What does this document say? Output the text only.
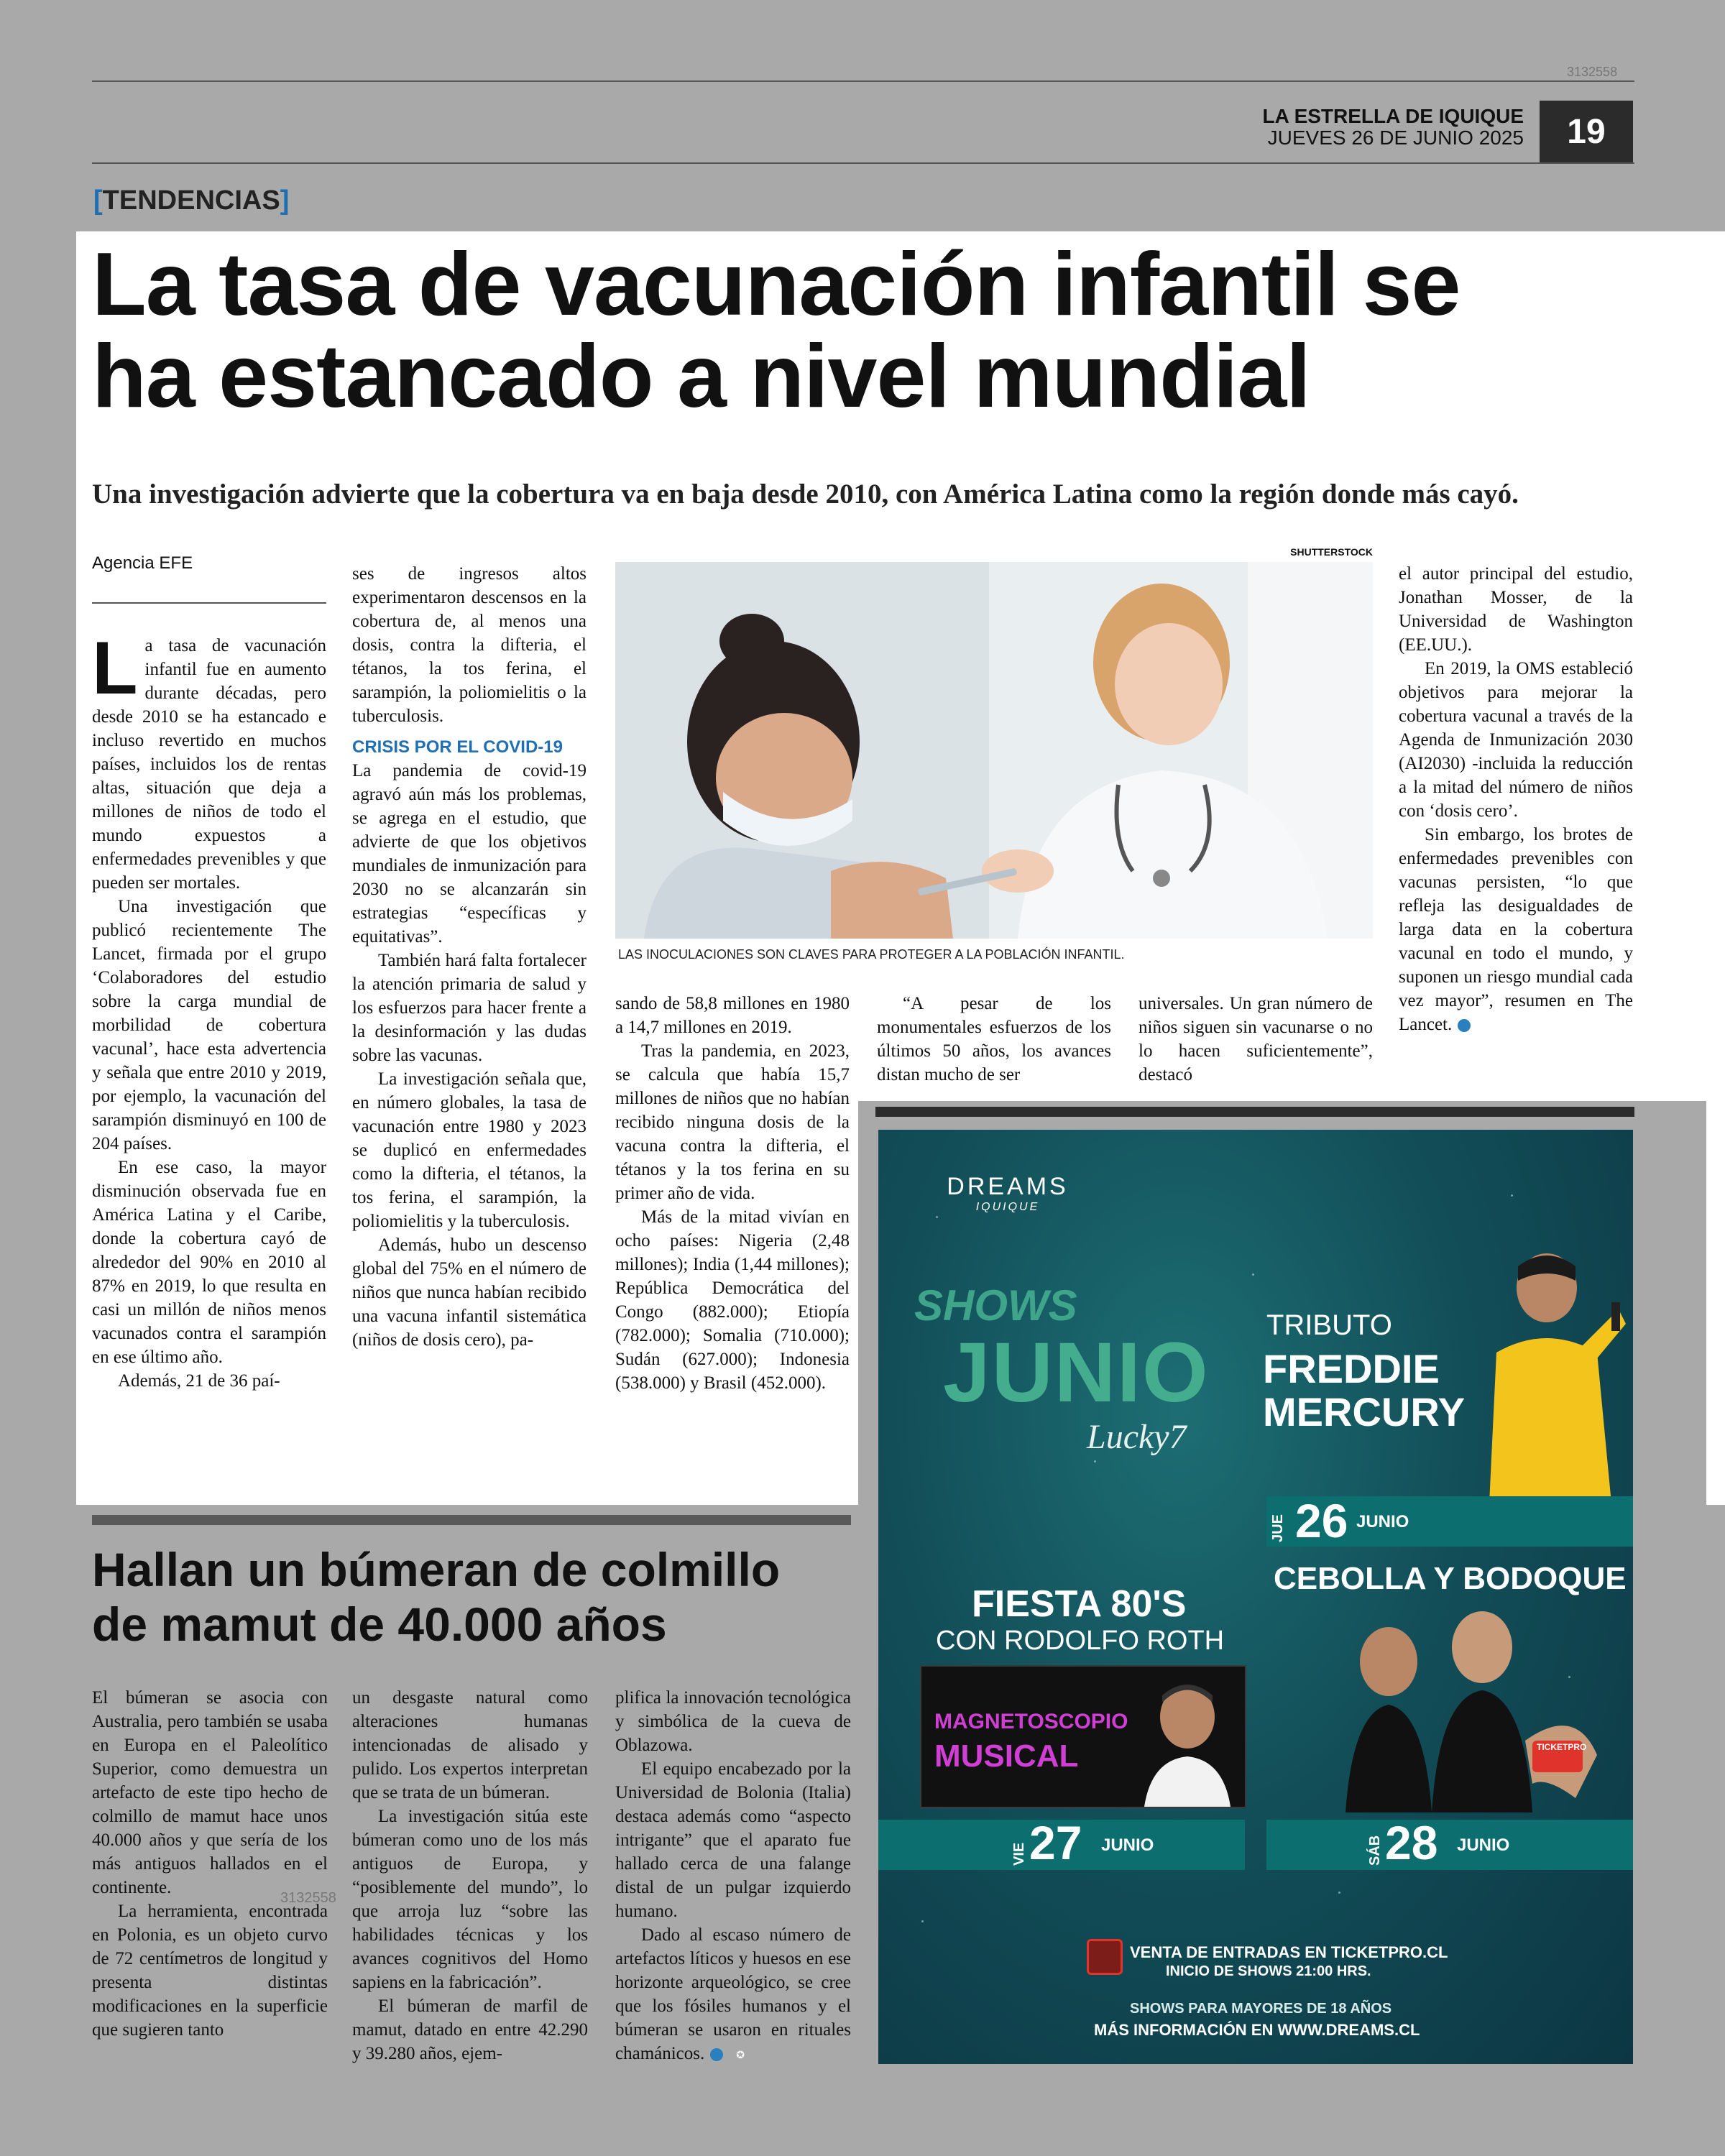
3132558
LA ESTRELLA DE IQUIQUE
JUEVES 26 DE JUNIO 2025	19
[TENDENCIAS]
La tasa de vacunación infantil se
ha estancado a nivel mundial
Una investigación advierte que la cobertura va en baja desde 2010, con América Latina como la región donde más cayó.
Agencia EFE

La tasa de vacunación infantil fue en aumento durante décadas, pero desde 2010 se ha estancado e incluso revertido en muchos países, incluidos los de rentas altas, situación que deja a millones de niños de todo el mundo expuestos a enfermedades prevenibles y que pueden ser mortales.

Una investigación que publicó recientemente The Lancet, firmada por el grupo ‘Colaboradores del estudio sobre la carga mundial de morbilidad de cobertura vacunal’, hace esta advertencia y señala que entre 2010 y 2019, por ejemplo, la vacunación del sarampión disminuyó en 100 de 204 países.

En ese caso, la mayor disminución observada fue en América Latina y el Caribe, donde la cobertura cayó de alrededor del 90% en 2010 al 87% en 2019, lo que resulta en casi un millón de niños menos vacunados contra el sarampión en ese último año.

Además, 21 de 36 paí-

ses de ingresos altos experimentaron descensos en la cobertura de, al menos una dosis, contra la difteria, el tétanos, la tos ferina, el sarampión, la poliomielitis o la tuberculosis.

CRISIS POR EL COVID-19

La pandemia de covid-19 agravó aún más los problemas, se agrega en el estudio, que advierte de que los objetivos mundiales de inmunización para 2030 no se alcanzarán sin estrategias “específicas y equitativas”.

También hará falta fortalecer la atención primaria de salud y los esfuerzos para hacer frente a la desinformación y las dudas sobre las vacunas.

La investigación señala que, en número globales, la tasa de vacunación entre 1980 y 2023 se duplicó en enfermedades como la difteria, el tétanos, la tos ferina, el sarampión, la poliomielitis y la tuberculosis.

Además, hubo un descenso global del 75% en el número de niños que nunca habían recibido una vacuna infantil sistemática (niños de dosis cero), pa-

SHUTTERSTOCK
LAS INOCULACIONES SON CLAVES PARA PROTEGER A LA POBLACIÓN INFANTIL.

sando de 58,8 millones en 1980 a 14,7 millones en 2019.

Tras la pandemia, en 2023, se calcula que había 15,7 millones de niños que no habían recibido ninguna dosis de la vacuna contra la difteria, el tétanos y la tos ferina en su primer año de vida.

Más de la mitad vivían en ocho países: Nigeria (2,48 millones); India (1,44 millones); República Democrática del Congo (882.000); Etiopía (782.000); Somalia (710.000); Sudán (627.000); Indonesia (538.000) y Brasil (452.000).

“A pesar de los monumentales esfuerzos de los últimos 50 años, los avances distan mucho de ser

universales. Un gran número de niños siguen sin vacunarse o no lo hacen suficientemente”, destacó

el autor principal del estudio, Jonathan Mosser, de la Universidad de Washington (EE.UU.).

En 2019, la OMS estableció objetivos para mejorar la cobertura vacunal a través de la Agenda de Inmunización 2030 (AI2030) -incluida la reducción a la mitad del número de niños con ‘dosis cero’.

Sin embargo, los brotes de enfermedades prevenibles con vacunas persisten, “lo que refleja las desigualdades de larga data en la cobertura vacunal en todo el mundo, y suponen un riesgo mundial cada vez mayor”, resumen en The Lancet.	✪

Hallan un búmeran de colmillo
de mamut de 40.000 años

El búmeran se asocia con Australia, pero también se usaba en Europa en el Paleolítico Superior, como demuestra un artefacto de este tipo hecho de colmillo de mamut hace unos 40.000 años y que sería de los más antiguos hallados en el continente.

La herramienta, encontrada en Polonia, es un objeto curvo de 72 centímetros de longitud y presenta distintas modificaciones en la superficie que sugieren tanto

3132558

un desgaste natural como alteraciones humanas intencionadas de alisado y pulido. Los expertos interpretan que se trata de un búmeran.

La investigación sitúa este búmeran como uno de los más antiguos de Europa, y “posiblemente del mundo”, lo que arroja luz “sobre las habilidades técnicas y los avances cognitivos del Homo sapiens en la fabricación”.

El búmeran de marfil de mamut, datado en entre 42.290 y 39.280 años, ejem-

plifica la innovación tecnológica y simbólica de la cueva de Oblazowa.

El equipo encabezado por la Universidad de Bolonia (Italia) destaca además como “aspecto intrigante” que el aparato fue hallado cerca de una falange distal de un pulgar izquierdo humano.

Dado al escaso número de artefactos líticos y huesos en ese horizonte arqueológico, se cree que los fósiles humanos y el búmeran se usaron en rituales chamánicos.	✪

DREAMS
IQUIQUE
SHOWS
JUNIO
Lucky7
TRIBUTO
FREDDIE
MERCURY
JUE 26 JUNIO
FIESTA 80'S
CON RODOLFO ROTH
MAGNETOSCOPIO
MUSICAL
VIE 27 JUNIO
CEBOLLA Y BODOQUE
TICKETPRO
SÁB 28 JUNIO
VENTA DE ENTRADAS EN TICKETPRO.CL
INICIO DE SHOWS 21:00 HRS.
SHOWS PARA MAYORES DE 18 AÑOS
MÁS INFORMACIÓN EN WWW.DREAMS.CL
